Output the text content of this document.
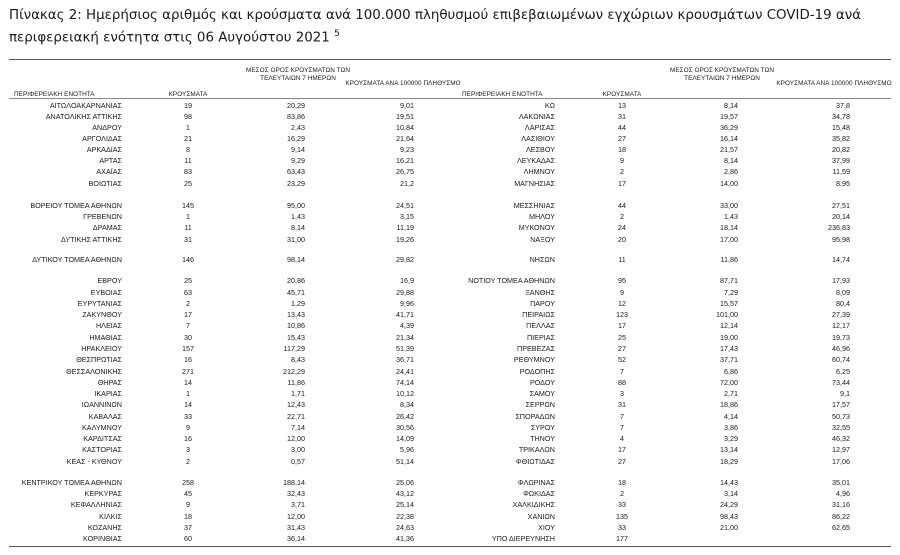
Πίνακας 2: Ημερήσιος αριθμός και κρούσματα ανά 100.000 πληθυσμού επιβεβαιωμένων εγχώριων κρουσμάτων COVID-19 ανά περιφερειακή ενότητα στις 06 Αυγούστου 2021 $^5$
ΠΕΡΙΦΕΡΕΙΑΚΗ ΕΝΟΤΗΤΑ	ΚΡΟΥΣΜΑΤΑ
ΜΕΣΟΣ ΟΡΟΣ ΚΡΟΥΣΜΑΤΩΝ ΤΩΝ ΤΕΛΕΥΤΑΙΩΝ 7 ΗΜΕΡΩΝ
ΚΡΟΥΣΜΑΤΑ ΑΝΑ 100000 ΠΛΗΘΥΣΜΟ
ΠΕΡΙΦΕΡΕΙΑΚΗ ΕΝΟΤΗΤΑ	ΚΡΟΥΣΜΑΤΑ
ΜΕΣΟΣ ΟΡΟΣ ΚΡΟΥΣΜΑΤΩΝ ΤΩΝ ΤΕΛΕΥΤΑΙΩΝ 7 ΗΜΕΡΩΝ
ΚΡΟΥΣΜΑΤΑ ΑΝΑ 100000 ΠΛΗΘΥΣΜΟ
ΑΙΤΩΛΟΑΚΑΡΝΑΝΙΑΣ	19	20,29	9,01
ΑΝΑΤΟΛΙΚΗΣ ΑΤΤΙΚΗΣ	98	83,86	19,51
ΑΝΔΡΟΥ	1	2,43	10,84
ΑΡΓΟΛΙΔΑΣ	21	16,29	21,64
ΑΡΚΑΔΙΑΣ	8	9,14	9,23
ΑΡΤΑΣ	11	9,29	16,21
ΑΧΑΪΑΣ	83	63,43	26,75
ΒΟΙΩΤΙΑΣ	25	23,29	21,2
ΒΟΡΕΙΟΥ ΤΟΜΕΑ ΑΘΗΝΩΝ	145	95,00	24,51
ΓΡΕΒΕΝΩΝ	1	1,43	3,15
ΔΡΑΜΑΣ	11	8,14	11,19
ΔΥΤΙΚΗΣ ΑΤΤΙΚΗΣ	31	31,00	19,26
ΔΥΤΙΚΟΥ ΤΟΜΕΑ ΑΘΗΝΩΝ	146	98,14	29,82
ΕΒΡΟΥ	25	20,86	16,9
ΕΥΒΟΙΑΣ	63	45,71	29,88
ΕΥΡΥΤΑΝΙΑΣ	2	1,29	9,96
ΖΑΚΥΝΘΟΥ	17	13,43	41,71
ΗΛΕΙΑΣ	7	10,86	4,39
ΗΜΑΘΙΑΣ	30	15,43	21,34
ΗΡΑΚΛΕΙΟΥ	157	117,29	51,39
ΘΕΣΠΡΩΤΙΑΣ	16	8,43	36,71
ΘΕΣΣΑΛΟΝΙΚΗΣ	271	212,29	24,41
ΘΗΡΑΣ	14	11,86	74,14
ΙΚΑΡΙΑΣ	1	1,71	10,12
ΙΩΑΝΝΙΝΩΝ	14	12,43	8,34
ΚΑΒΑΛΑΣ	33	22,71	26,42
ΚΑΛΥΜΝΟΥ	9	7,14	30,56
ΚΑΡΔΙΤΣΑΣ	16	12,00	14,09
ΚΑΣΤΟΡΙΑΣ	3	3,00	5,96
ΚΕΑΣ - ΚΥΘΝΟΥ	2	0,57	51,14
ΚΕΝΤΡΙΚΟΥ ΤΟΜΕΑ ΑΘΗΝΩΝ	258	188,14	25,06
ΚΕΡΚΥΡΑΣ	45	32,43	43,12
ΚΕΦΑΛΛΗΝΙΑΣ	9	3,71	25,14
ΚΙΛΚΙΣ	18	12,00	22,38
ΚΟΖΑΝΗΣ	37	31,43	24,63
ΚΟΡΙΝΘΙΑΣ	60	36,14	41,36
ΚΩ	13	8,14	37,8
ΛΑΚΩΝΙΑΣ	31	19,57	34,78
ΛΑΡΙΣΑΣ	44	36,29	15,48
ΛΑΣΙΘΙΟΥ	27	16,14	35,82
ΛΕΣΒΟΥ	18	21,57	20,82
ΛΕΥΚΑΔΑΣ	9	8,14	37,99
ΛΗΜΝΟΥ	2	2,86	11,59
ΜΑΓΝΗΣΙΑΣ	17	14,00	8,95
ΜΕΣΣΗΝΙΑΣ	44	33,00	27,51
ΜΗΛΟΥ	2	1,43	20,14
ΜΥΚΟΝΟΥ	24	18,14	236,83
ΝΑΞΟΥ	20	17,00	95,98
ΝΗΣΩΝ	11	11,86	14,74
ΝΟΤΙΟΥ ΤΟΜΕΑ ΑΘΗΝΩΝ	95	87,71	17,93
ΞΑΝΘΗΣ	9	7,29	8,09
ΠΑΡΟΥ	12	15,57	80,4
ΠΕΙΡΑΙΩΣ	123	101,00	27,39
ΠΕΛΛΑΣ	17	12,14	12,17
ΠΙΕΡΙΑΣ	25	19,00	19,73
ΠΡΕΒΕΖΑΣ	27	17,43	46,96
ΡΕΘΥΜΝΟΥ	52	37,71	60,74
ΡΟΔΟΠΗΣ	7	6,86	6,25
ΡΟΔΟΥ	88	72,00	73,44
ΣΑΜΟΥ	3	2,71	9,1
ΣΕΡΡΩΝ	31	18,86	17,57
ΣΠΟΡΑΔΩΝ	7	4,14	50,73
ΣΥΡΟΥ	7	3,86	32,55
ΤΗΝΟΥ	4	3,29	46,32
ΤΡΙΚΑΛΩΝ	17	13,14	12,97
ΦΘΙΩΤΙΔΑΣ	27	18,29	17,06
ΦΛΩΡΙΝΑΣ	18	14,43	35,01
ΦΩΚΙΔΑΣ	2	3,14	4,96
ΧΑΛΚΙΔΙΚΗΣ	33	24,29	31,16
ΧΑΝΙΩΝ	135	98,43	86,22
ΧΙΟΥ	33	21,00	62,65
ΥΠΟ ΔΙΕΡΕΥΝΗΣΗ	177
